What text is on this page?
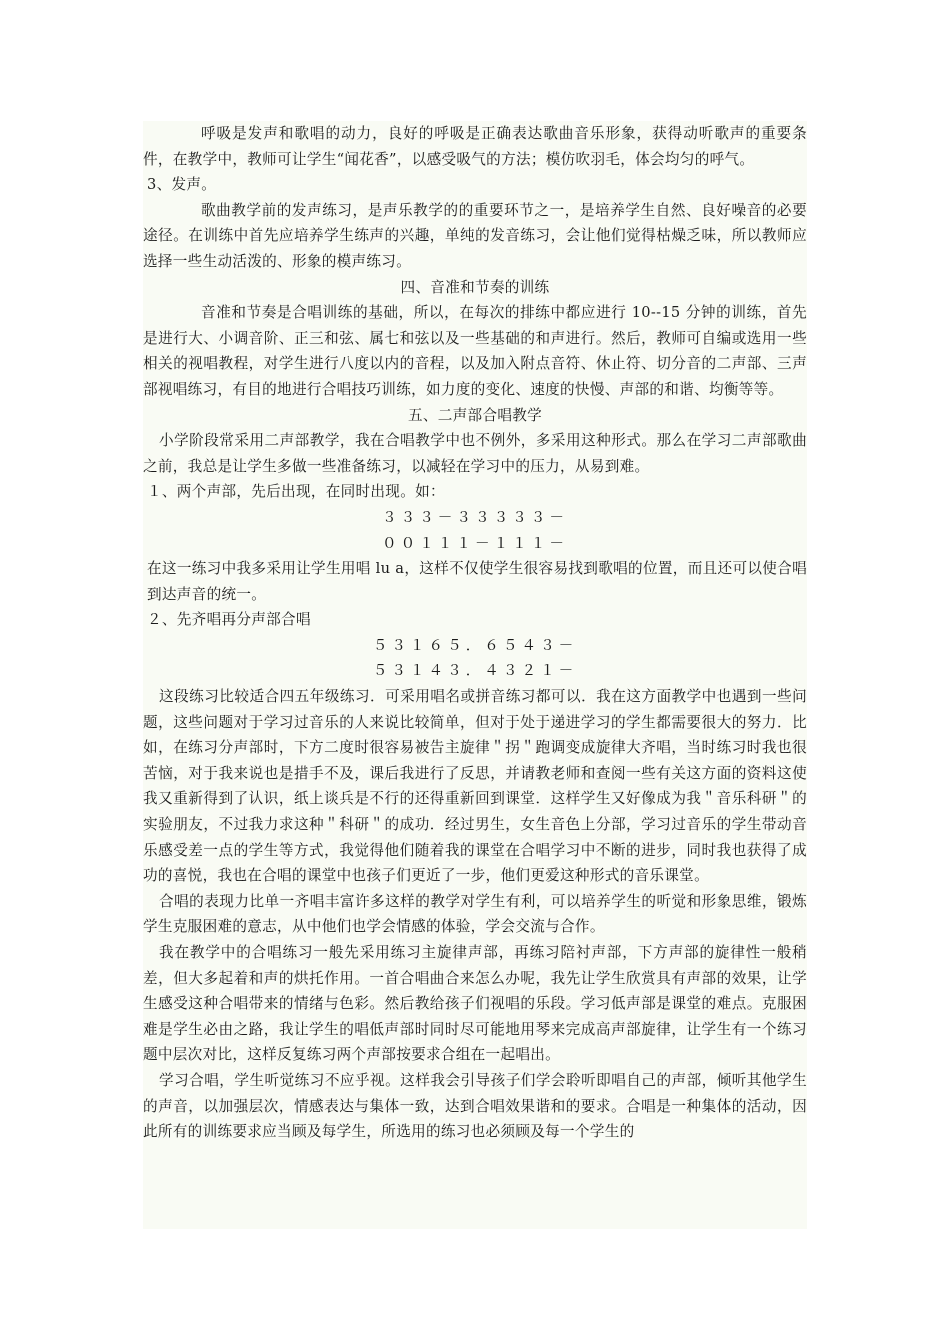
呼吸是发声和歌唱的动力，良好的呼吸是正确表达歌曲音乐形象，获得动听歌声的重要条件，在教学中，教师可让学生“闻花香”，以感受吸气的方法；模仿吹羽毛，体会均匀的呼气。

3、发声。

歌曲教学前的发声练习，是声乐教学的的重要环节之一，是培养学生自然、良好噪音的必要途径。在训练中首先应培养学生练声的兴趣，单纯的发音练习，会让他们觉得枯燥乏味，所以教师应选择一些生动活泼的、形象的模声练习。

四、音准和节奏的训练

音准和节奏是合唱训练的基础，所以，在每次的排练中都应进行 10--15 分钟的训练，首先是进行大、小调音阶、正三和弦、属七和弦以及一些基础的和声进行。然后，教师可自编或选用一些相关的视唱教程，对学生进行八度以内的音程，以及加入附点音符、休止符、切分音的二声部、三声部视唱练习，有目的地进行合唱技巧训练，如力度的变化、速度的快慢、声部的和谐、均衡等等。

五、二声部合唱教学

小学阶段常采用二声部教学，我在合唱教学中也不例外，多采用这种形式。那么在学习二声部歌曲之前，我总是让学生多做一些准备练习，以减轻在学习中的压力，从易到难。

１、两个声部，先后出现，在同时出现。如：

３３３－３３３３３－

００１１１－１１１－

在这一练习中我多采用让学生用唱 lu a，这样不仅使学生很容易找到歌唱的位置，而且还可以使合唱到达声音的统一。

２、先齐唱再分声部合唱

５３１６５．６５４３－

５３１４３．４３２１－

这段练习比较适合四五年级练习．可采用唱名或拼音练习都可以．我在这方面教学中也遇到一些问题，这些问题对于学习过音乐的人来说比较简单，但对于处于递进学习的学生都需要很大的努力．比如，在练习分声部时，下方二度时很容易被告主旋律＂拐＂跑调变成旋律大齐唱，当时练习时我也很苦恼，对于我来说也是措手不及，课后我进行了反思，并请教老师和查阅一些有关这方面的资料这使我又重新得到了认识，纸上谈兵是不行的还得重新回到课堂．这样学生又好像成为我＂音乐科研＂的实验朋友，不过我力求这种＂科研＂的成功．经过男生，女生音色上分部，学习过音乐的学生带动音乐感受差一点的学生等方式，我觉得他们随着我的课堂在合唱学习中不断的进步，同时我也获得了成功的喜悦，我也在合唱的课堂中也孩子们更近了一步，他们更爱这种形式的音乐课堂。

合唱的表现力比单一齐唱丰富许多这样的教学对学生有利，可以培养学生的听觉和形象思维，锻炼学生克服困难的意志，从中他们也学会情感的体验，学会交流与合作。

我在教学中的合唱练习一般先采用练习主旋律声部，再练习陪衬声部，下方声部的旋律性一般稍差，但大多起着和声的烘托作用。一首合唱曲合来怎么办呢，我先让学生欣赏具有声部的效果，让学生感受这种合唱带来的情绪与色彩。然后教给孩子们视唱的乐段。学习低声部是课堂的难点。克服困难是学生必由之路，我让学生的唱低声部时同时尽可能地用琴来完成高声部旋律，让学生有一个练习题中层次对比，这样反复练习两个声部按要求合组在一起唱出。

学习合唱，学生听觉练习不应乎视。这样我会引导孩子们学会聆听即唱自己的声部，倾听其他学生的声音，以加强层次，情感表达与集体一致，达到合唱效果谐和的要求。合唱是一种集体的活动，因此所有的训练要求应当顾及每学生，所选用的练习也必须顾及每一个学生的
